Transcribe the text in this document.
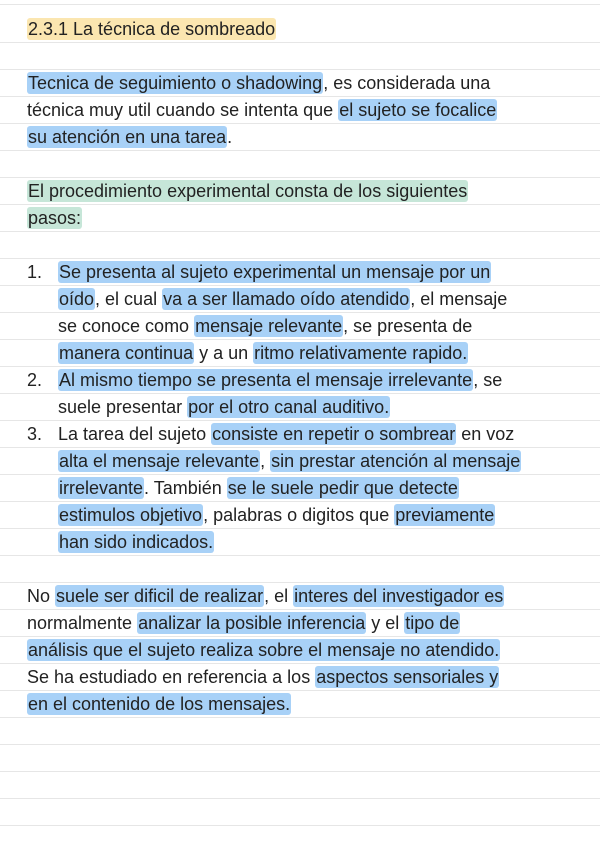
2.3.1 La técnica de sombreado
Tecnica de seguimiento o shadowing, es considerada una
técnica muy util cuando se intenta que el sujeto se focalice
su atención en una tarea.
El procedimiento experimental consta de los siguientes
pasos:
1. Se presenta al sujeto experimental un mensaje por un
oído, el cual va a ser llamado oído atendido, el mensaje
se conoce como mensaje relevante, se presenta de
manera continua y a un ritmo relativamente rapido.
2. Al mismo tiempo se presenta el mensaje irrelevante, se
suele presentar por el otro canal auditivo.
3. La tarea del sujeto consiste en repetir o sombrear en voz
alta el mensaje relevante, sin prestar atención al mensaje
irrelevante. También se le suele pedir que detecte
estimulos objetivo, palabras o digitos que previamente
han sido indicados.
No suele ser dificil de realizar, el interes del investigador es
normalmente analizar la posible inferencia y el tipo de
análisis que el sujeto realiza sobre el mensaje no atendido.
Se ha estudiado en referencia a los aspectos sensoriales y
en el contenido de los mensajes.
